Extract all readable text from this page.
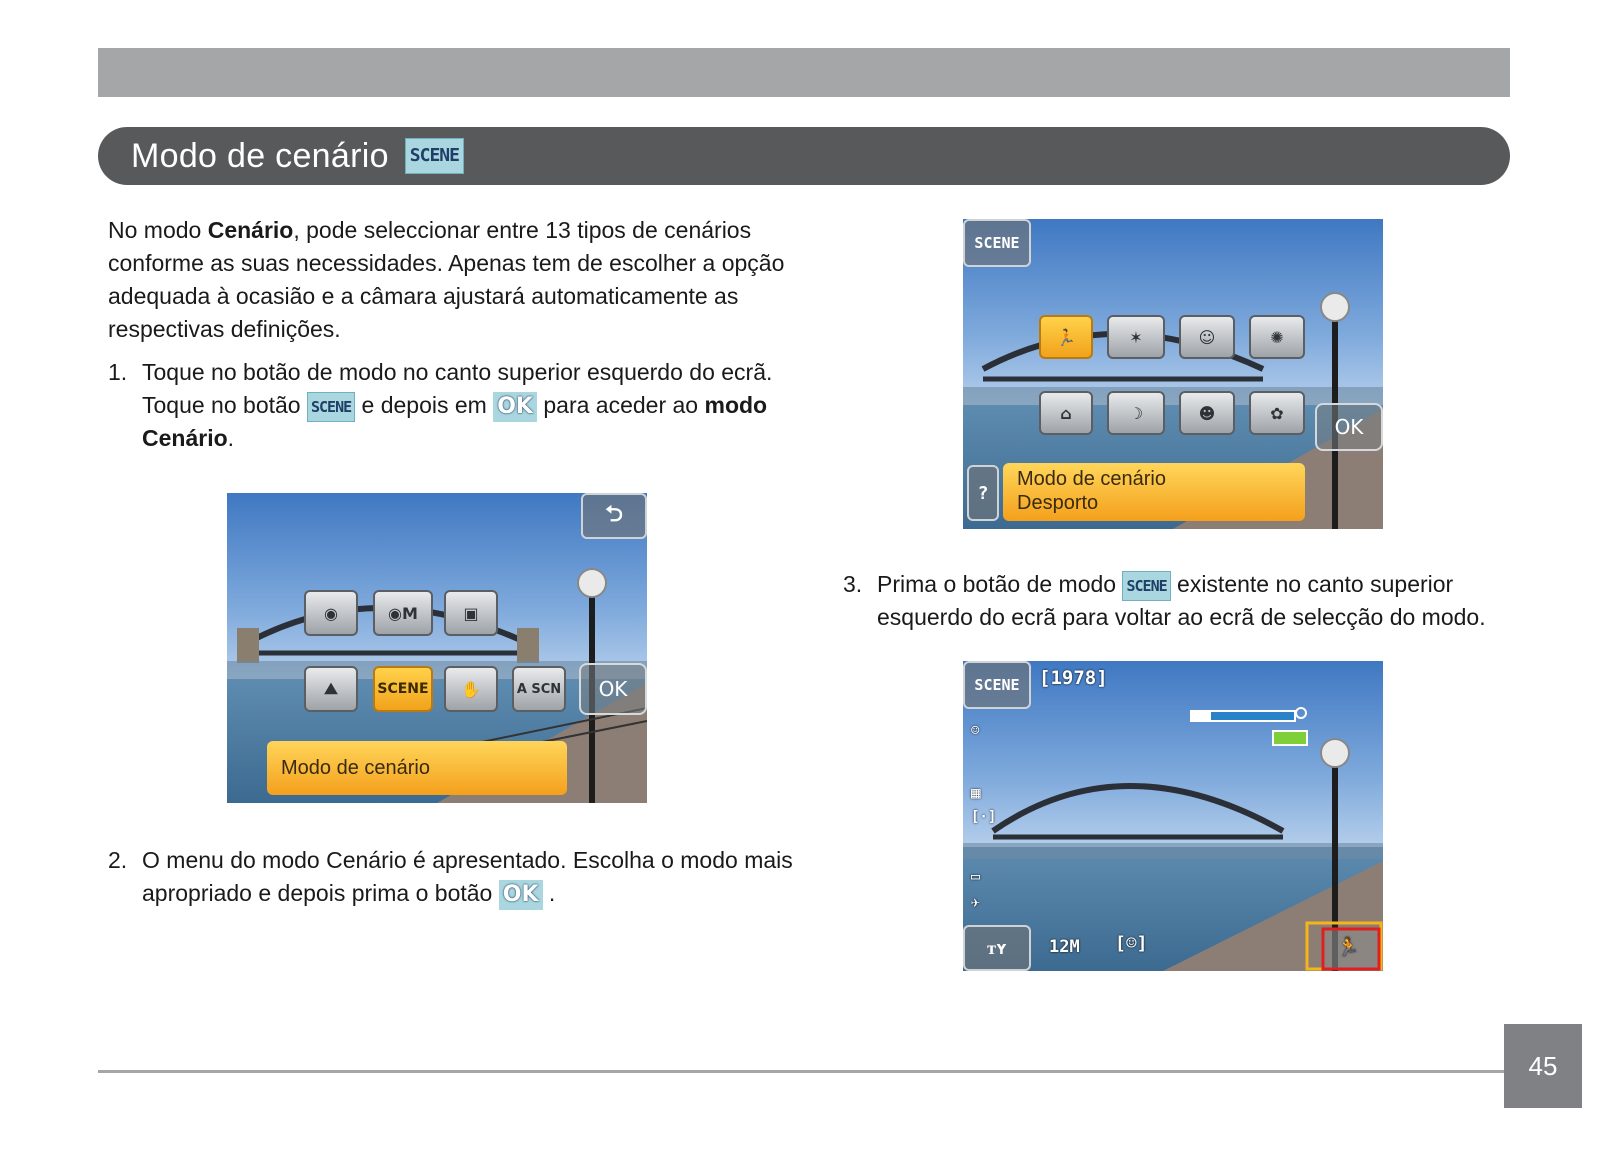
Modo de cenário SCENE
No modo Cenário, pode seleccionar entre 13 tipos de cenários conforme as suas necessidades. Apenas tem de escolher a opção adequada à ocasião e a câmara ajustará automaticamente as respectivas definições.
1. Toque no botão de modo no canto superior esquerdo do ecrã. Toque no botão SCENE e depois em OK para aceder ao modo Cenário.
⮌
◉	◉M	▣
⛰	SCENE	✋	A SCN	OK
Modo de cenário
2. O menu do modo Cenário é apresentado. Escolha o modo mais apropriado e depois prima o botão OK .
SCENE
🏃	✶	☺	✺
⌂	☽	☻	✿
OK
?
Modo de cenário
Desporto
3. Prima o botão de modo SCENE existente no canto superior esquerdo do ecrã para voltar ao ecrã de selecção do modo.
SCENE	[1978]
☺
▦
[·]
▭
✈
ᴛʏ	12M [☺]	🏃
45
